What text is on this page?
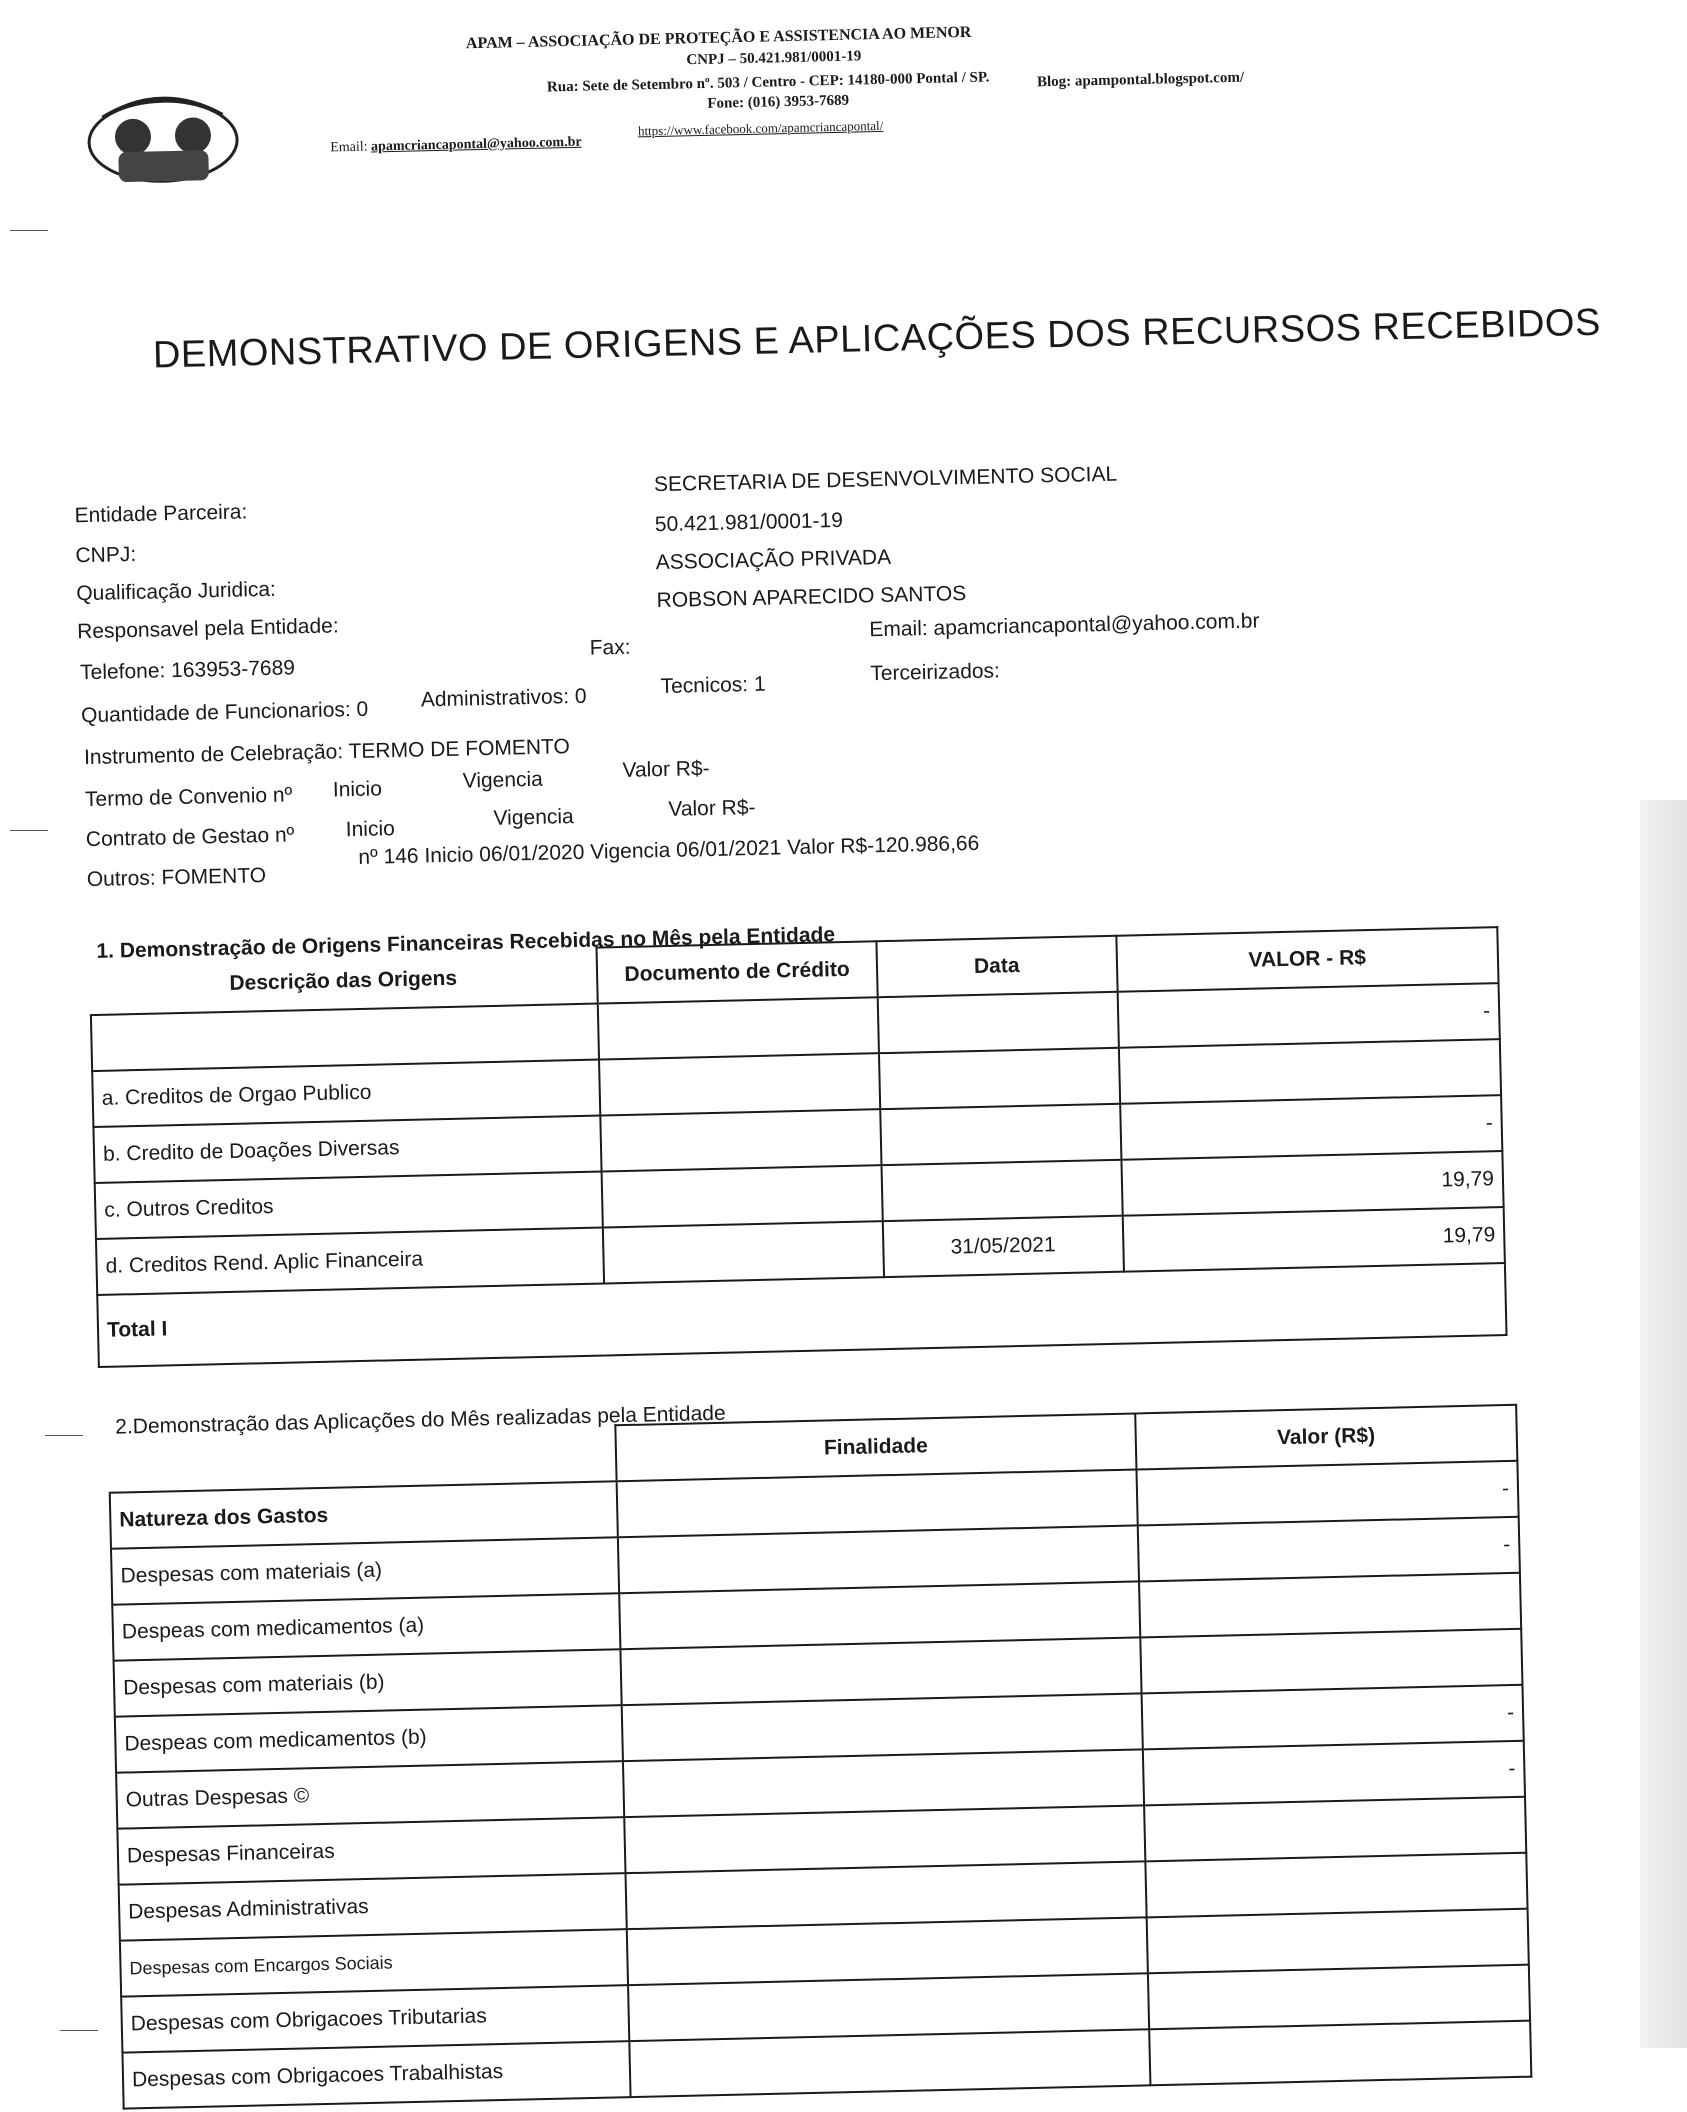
APAM – ASSOCIAÇÃO DE PROTEÇÃO E ASSISTENCIA AO MENOR
CNPJ – 50.421.981/0001-19
Rua: Sete de Setembro nº. 503 / Centro - CEP: 14180-000 Pontal / SP.
Fone: (016) 3953-7689
Blog: apampontal.blogspot.com/
Email: apamcriancapontal@yahoo.com.br
https://www.facebook.com/apamcriancapontal/
DEMONSTRATIVO DE ORIGENS E APLICAÇÕES DOS RECURSOS RECEBIDOS
Entidade Parceira:
SECRETARIA DE DESENVOLVIMENTO SOCIAL
CNPJ:
50.421.981/0001-19
Qualificação Juridica:
ASSOCIAÇÃO PRIVADA
Responsavel pela Entidade:
ROBSON APARECIDO SANTOS
Telefone: 163953-7689
Fax:
Email: apamcriancapontal@yahoo.com.br
Quantidade de Funcionarios: 0 Administrativos: 0	Tecnicos: 1
Terceirizados:
Instrumento de Celebração: TERMO DE FOMENTO
Termo de Convenio nº Inicio	Vigencia	Valor R$-
Contrato de Gestao nº Inicio	Vigencia	Valor R$-
Outros: FOMENTO
nº 146 Inicio 06/01/2020 Vigencia 06/01/2021 Valor R$-120.986,66
1. Demonstração de Origens Financeiras Recebidas no Mês pela Entidade
Descrição das Origens	Documento de Crédito	Data	VALOR - R$
			-
a. Creditos de Orgao Publico			
b. Credito de Doações Diversas			-
c. Outros Creditos			19,79
d. Creditos Rend. Aplic Financeira		31/05/2021	19,79
Total I			
2.Demonstração das Aplicações do Mês realizadas pela Entidade
	Finalidade	Valor (R$)
Natureza dos Gastos		-
Despesas com materiais (a)		-
Despeas com medicamentos (a)		
Despesas com materiais (b)		
Despeas com medicamentos (b)		-
Outras Despesas ©		-
Despesas Financeiras		
Despesas Administrativas		
Despesas com Encargos Sociais		
Despesas com Obrigacoes Tributarias		
Despesas com Obrigacoes Trabalhistas		
